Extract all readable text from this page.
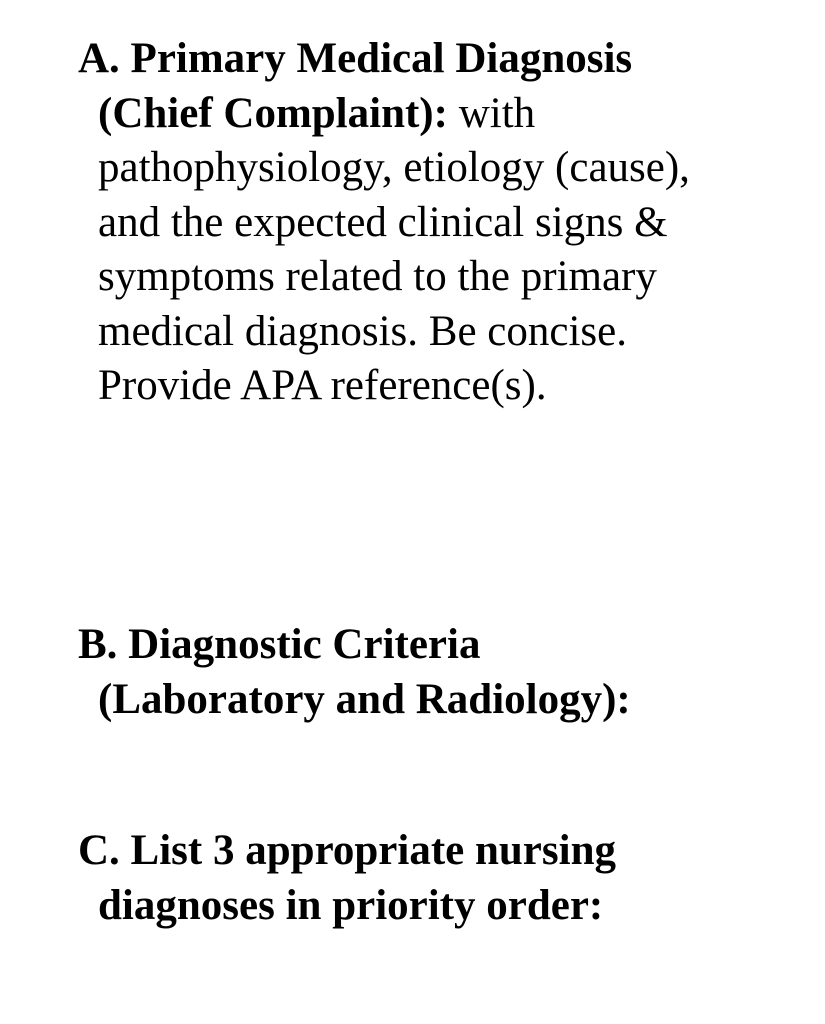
A. Primary Medical Diagnosis
(Chief Complaint): with
pathophysiology, etiology (cause),
and the expected clinical signs &
symptoms related to the primary
medical diagnosis. Be concise.
Provide APA reference(s).
B. Diagnostic Criteria
(Laboratory and Radiology):
C. List 3 appropriate nursing
diagnoses in priority order:
